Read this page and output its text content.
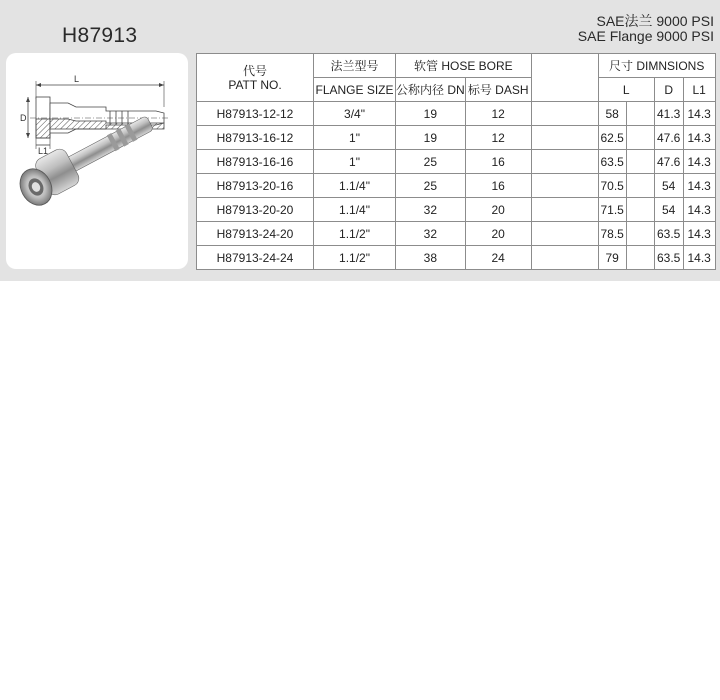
H87913
SAE法兰 9000 PSI
SAE Flange 9000 PSI
L
D
L1
代号
PATT NO.	法兰型号	软管 HOSE BORE			尺寸 DIMNSIONS			
	FLANGE SIZE	公称内径 DN	标号 DASH		L		D	L1
H87913-12-12	3/4"	19	12		58		41.3	14.3
H87913-16-12	1"	19	12		62.5		47.6	14.3
H87913-16-16	1"	25	16		63.5		47.6	14.3
H87913-20-16	1.1/4"	25	16		70.5		54	14.3
H87913-20-20	1.1/4"	32	20		71.5		54	14.3
H87913-24-20	1.1/2"	32	20		78.5		63.5	14.3
H87913-24-24	1.1/2"	38	24		79		63.5	14.3
